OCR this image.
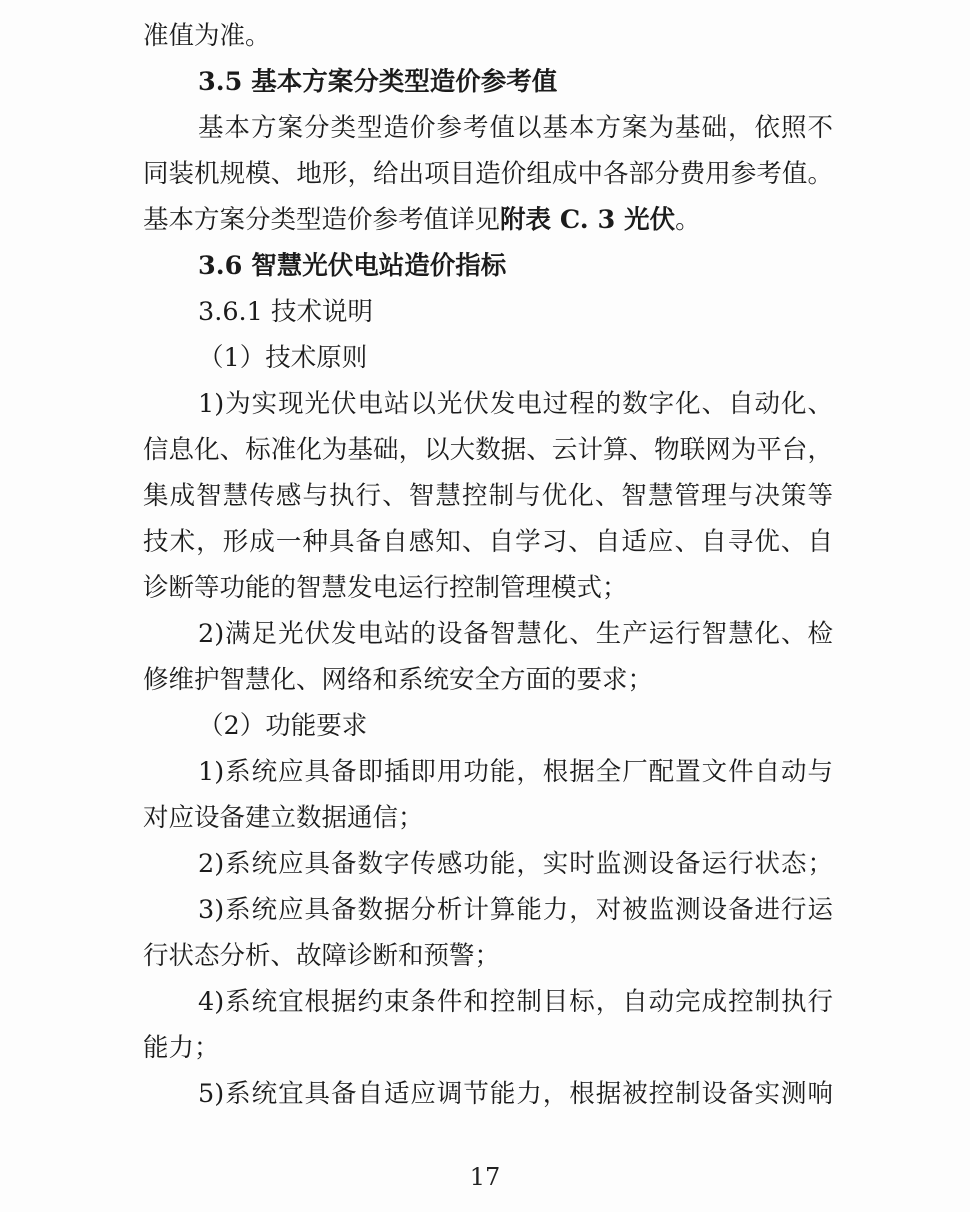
准值为准。
3.5 基本方案分类型造价参考值
基本方案分类型造价参考值以基本方案为基础，依照不
同装机规模、地形，给出项目造价组成中各部分费用参考值。
基本方案分类型造价参考值详见附表 C. 3 光伏。
3.6 智慧光伏电站造价指标
3.6.1 技术说明
（1）技术原则
1)为实现光伏电站以光伏发电过程的数字化、自动化、
信息化、标准化为基础，以大数据、云计算、物联网为平台，
集成智慧传感与执行、智慧控制与优化、智慧管理与决策等
技术，形成一种具备自感知、自学习、自适应、自寻优、自
诊断等功能的智慧发电运行控制管理模式；
2)满足光伏发电站的设备智慧化、生产运行智慧化、检
修维护智慧化、网络和系统安全方面的要求；
（2）功能要求
1)系统应具备即插即用功能，根据全厂配置文件自动与
对应设备建立数据通信；
2)系统应具备数字传感功能，实时监测设备运行状态；
3)系统应具备数据分析计算能力，对被监测设备进行运
行状态分析、故障诊断和预警；
4)系统宜根据约束条件和控制目标，自动完成控制执行
能力；
5)系统宜具备自适应调节能力，根据被控制设备实测响
17
